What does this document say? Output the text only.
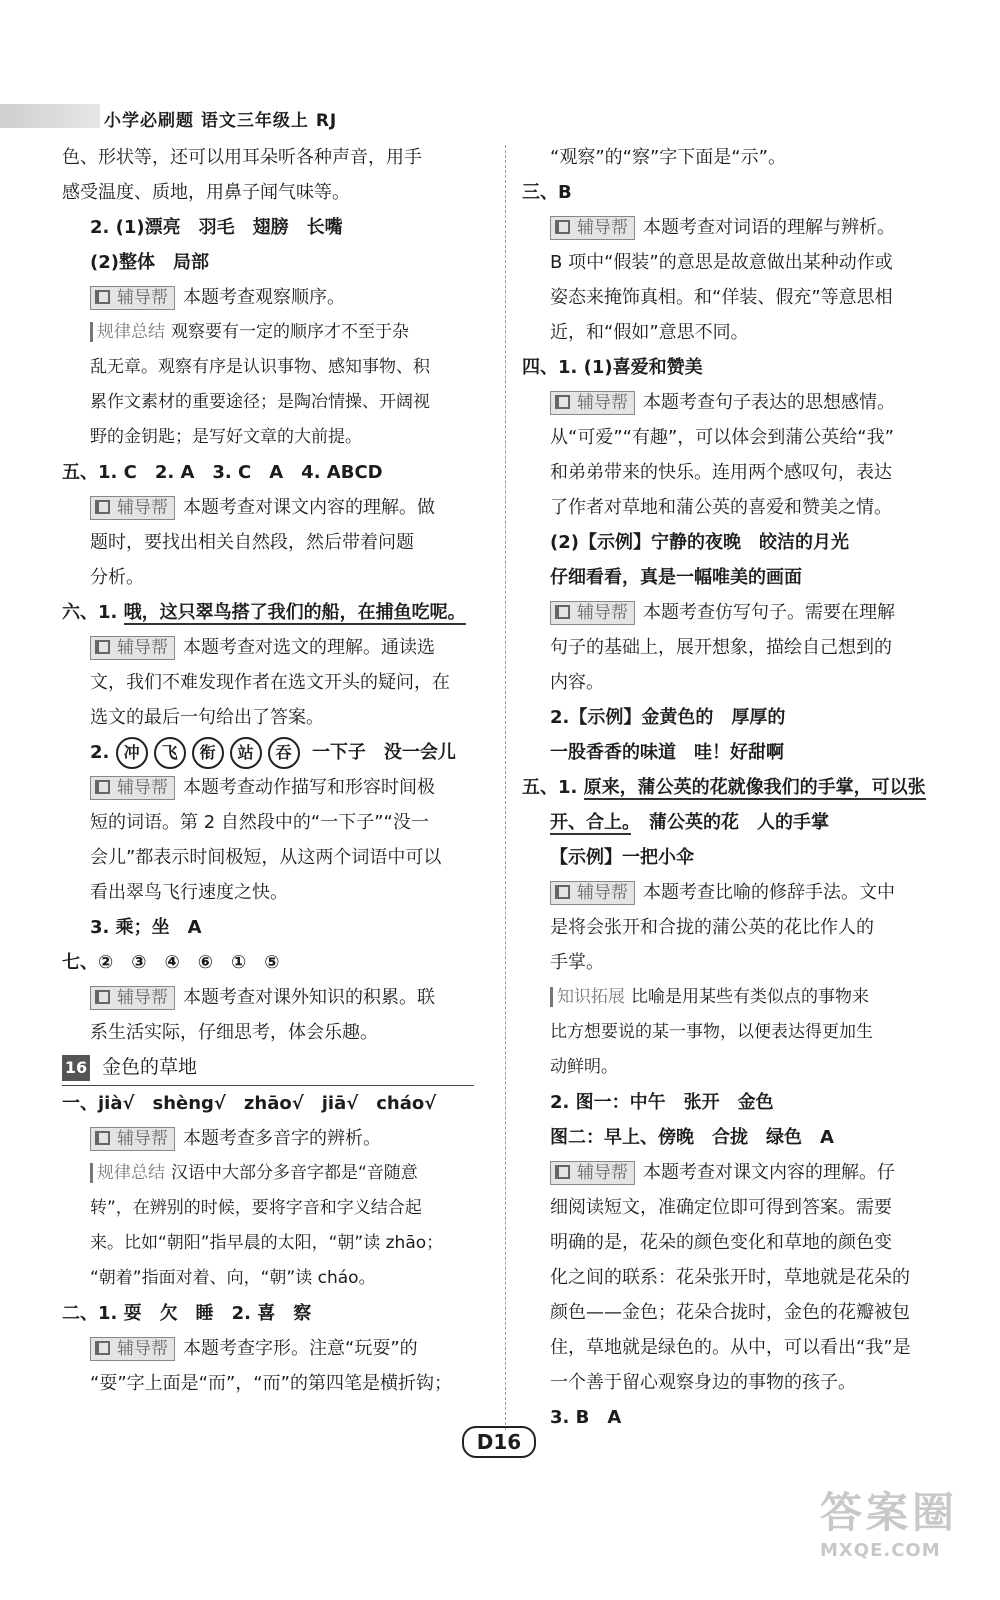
小学必刷题 语文三年级上 RJ
色、形状等，还可以用耳朵听各种声音，用手
感受温度、质地，用鼻子闻气味等。
2. (1)漂亮　羽毛　翅膀　长嘴
(2)整体　局部
辅导帮 本题考查观察顺序。
规律总结 观察要有一定的顺序才不至于杂
乱无章。观察有序是认识事物、感知事物、积
累作文素材的重要途径；是陶冶情操、开阔视
野的金钥匙；是写好文章的大前提。
五、1. C　2. A　3. C　A　4. ABCD
辅导帮 本题考查对课文内容的理解。做
题时，要找出相关自然段，然后带着问题
分析。
六、1. 哦，这只翠鸟搭了我们的船，在捕鱼吃呢。
辅导帮 本题考查对选文的理解。通读选
文，我们不难发现作者在选文开头的疑问，在
选文的最后一句给出了答案。
2. 冲 飞 衔 站 吞 一下子　没一会儿
辅导帮 本题考查动作描写和形容时间极
短的词语。第 2 自然段中的“一下子”“没一
会儿”都表示时间极短，从这两个词语中可以
看出翠鸟飞行速度之快。
3. 乘；坐　A
七、②　③　④　⑥　①　⑤
辅导帮 本题考查对课外知识的积累。联
系生活实际，仔细思考，体会乐趣。
16 金色的草地
一、jià√　shèng√　zhāo√　jiā√　cháo√
辅导帮 本题考查多音字的辨析。
规律总结 汉语中大部分多音字都是“音随意
转”，在辨别的时候，要将字音和字义结合起
来。比如“朝阳”指早晨的太阳，“朝”读 zhāo；
“朝着”指面对着、向，“朝”读 cháo。
二、1. 耍　欠　睡　2. 喜　察
辅导帮 本题考查字形。注意“玩耍”的
“耍”字上面是“而”，“而”的第四笔是横折钩；
“观察”的“察”字下面是“示”。
三、B
辅导帮 本题考查对词语的理解与辨析。
B 项中“假装”的意思是故意做出某种动作或
姿态来掩饰真相。和“佯装、假充”等意思相
近，和“假如”意思不同。
四、1. (1)喜爱和赞美
辅导帮 本题考查句子表达的思想感情。
从“可爱”“有趣”，可以体会到蒲公英给“我”
和弟弟带来的快乐。连用两个感叹句，表达
了作者对草地和蒲公英的喜爱和赞美之情。
(2)【示例】宁静的夜晚　皎洁的月光
仔细看看，真是一幅唯美的画面
辅导帮 本题考查仿写句子。需要在理解
句子的基础上，展开想象，描绘自己想到的
内容。
2.【示例】金黄色的　厚厚的
一股香香的味道　哇！好甜啊
五、1. 原来，蒲公英的花就像我们的手掌，可以张
开、合上。　蒲公英的花　人的手掌
【示例】一把小伞
辅导帮 本题考查比喻的修辞手法。文中
是将会张开和合拢的蒲公英的花比作人的
手掌。
知识拓展 比喻是用某些有类似点的事物来
比方想要说的某一事物，以便表达得更加生
动鲜明。
2. 图一：中午　张开　金色
图二：早上、傍晚　合拢　绿色　A
辅导帮 本题考查对课文内容的理解。仔
细阅读短文，准确定位即可得到答案。需要
明确的是，花朵的颜色变化和草地的颜色变
化之间的联系：花朵张开时，草地就是花朵的
颜色——金色；花朵合拢时，金色的花瓣被包
住，草地就是绿色的。从中，可以看出“我”是
一个善于留心观察身边的事物的孩子。
3. B　A
D16
答案圈
MXQE.COM
